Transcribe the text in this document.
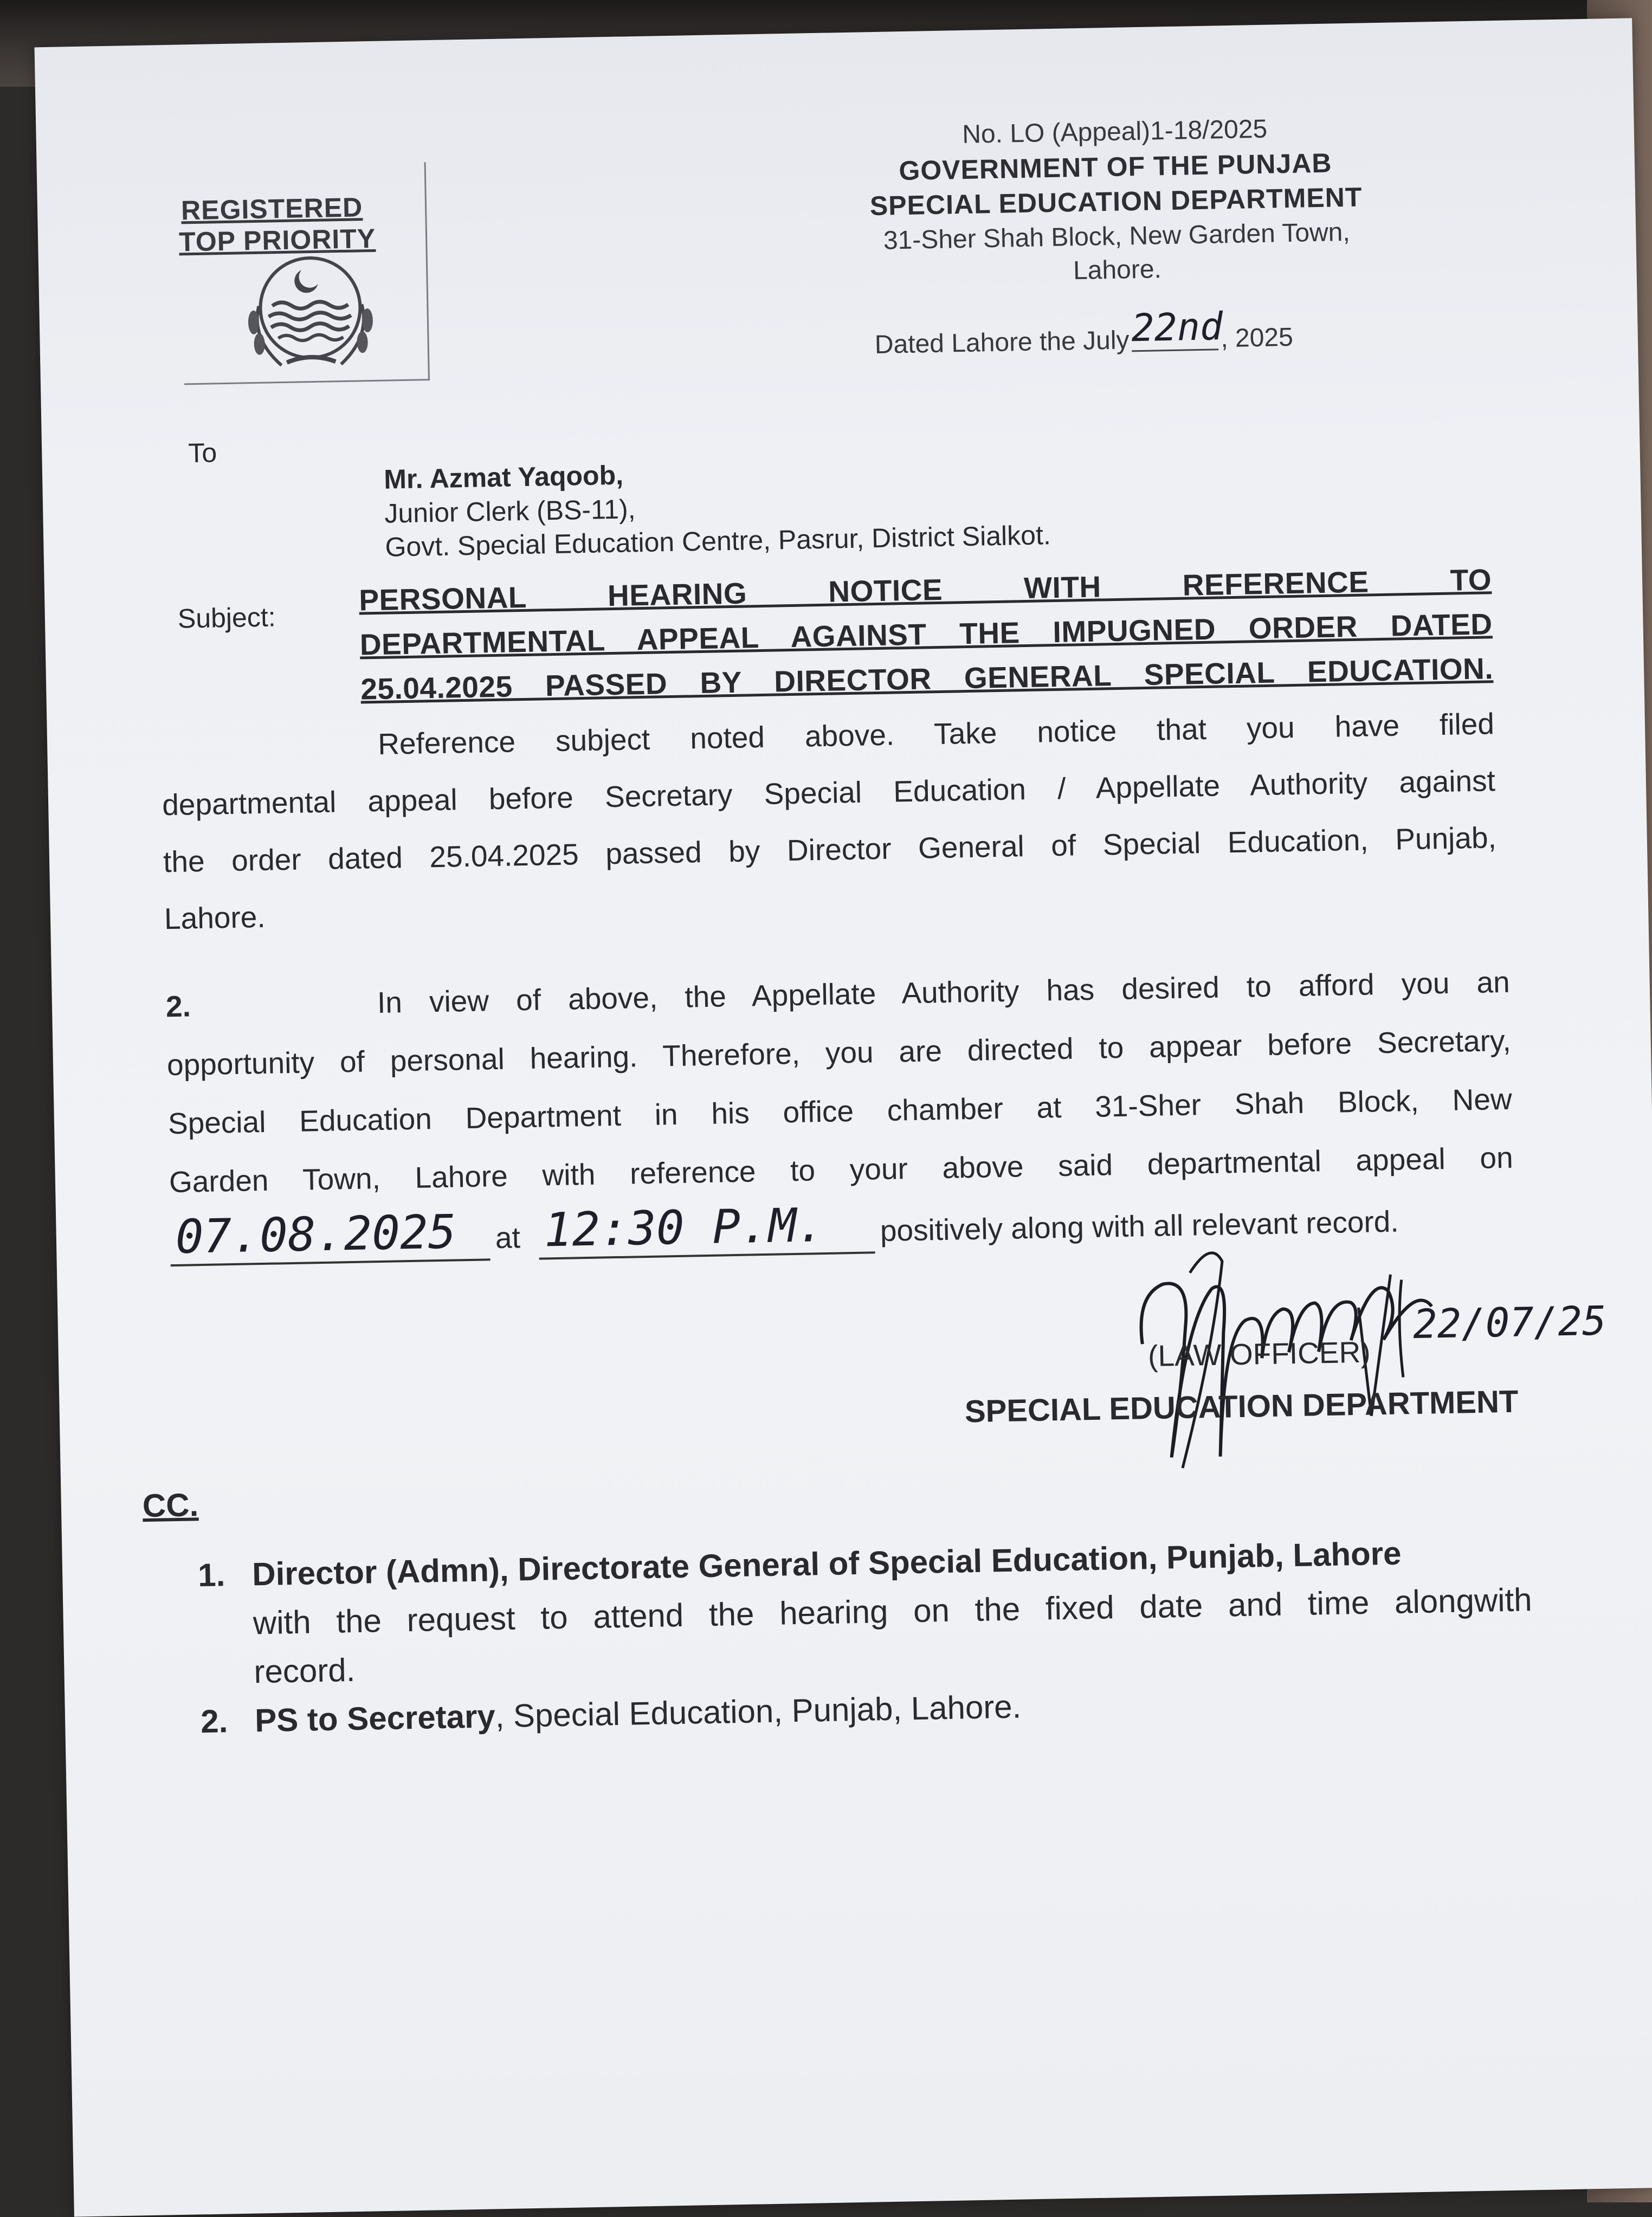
REGISTERED
TOP PRIORITY
No. LO (Appeal)1-18/2025
GOVERNMENT OF THE PUNJAB
SPECIAL EDUCATION DEPARTMENT
31-Sher Shah Block, New Garden Town,
Lahore.
Dated Lahore the July 22nd , 2025
To
Mr. Azmat Yaqoob,
Junior Clerk (BS-11),
Govt. Special Education Centre, Pasrur, District Sialkot.
Subject:
PERSONAL HEARING NOTICE WITH REFERENCE TO
DEPARTMENTAL APPEAL AGAINST THE IMPUGNED ORDER DATED
25.04.2025 PASSED BY DIRECTOR GENERAL SPECIAL EDUCATION.
Reference subject noted above. Take notice that you have filed
departmental appeal before Secretary Special Education / Appellate Authority against
the order dated 25.04.2025 passed by Director General of Special Education, Punjab,
Lahore.
2.	In view of above, the Appellate Authority has desired to afford you an
opportunity of personal hearing. Therefore, you are directed to appear before Secretary,
Special Education Department in his office chamber at 31-Sher Shah Block, New
Garden Town, Lahore with reference to your above said departmental appeal on
07.08.2025	at 12:30 P.M.	positively along with all relevant record.
22/07/25
(LAW OFFICER)
SPECIAL EDUCATION DEPARTMENT
CC.
1. Director (Admn), Directorate General of Special Education, Punjab, Lahore
with the request to attend the hearing on the fixed date and time alongwith
record.
2. PS to Secretary, Special Education, Punjab, Lahore.
